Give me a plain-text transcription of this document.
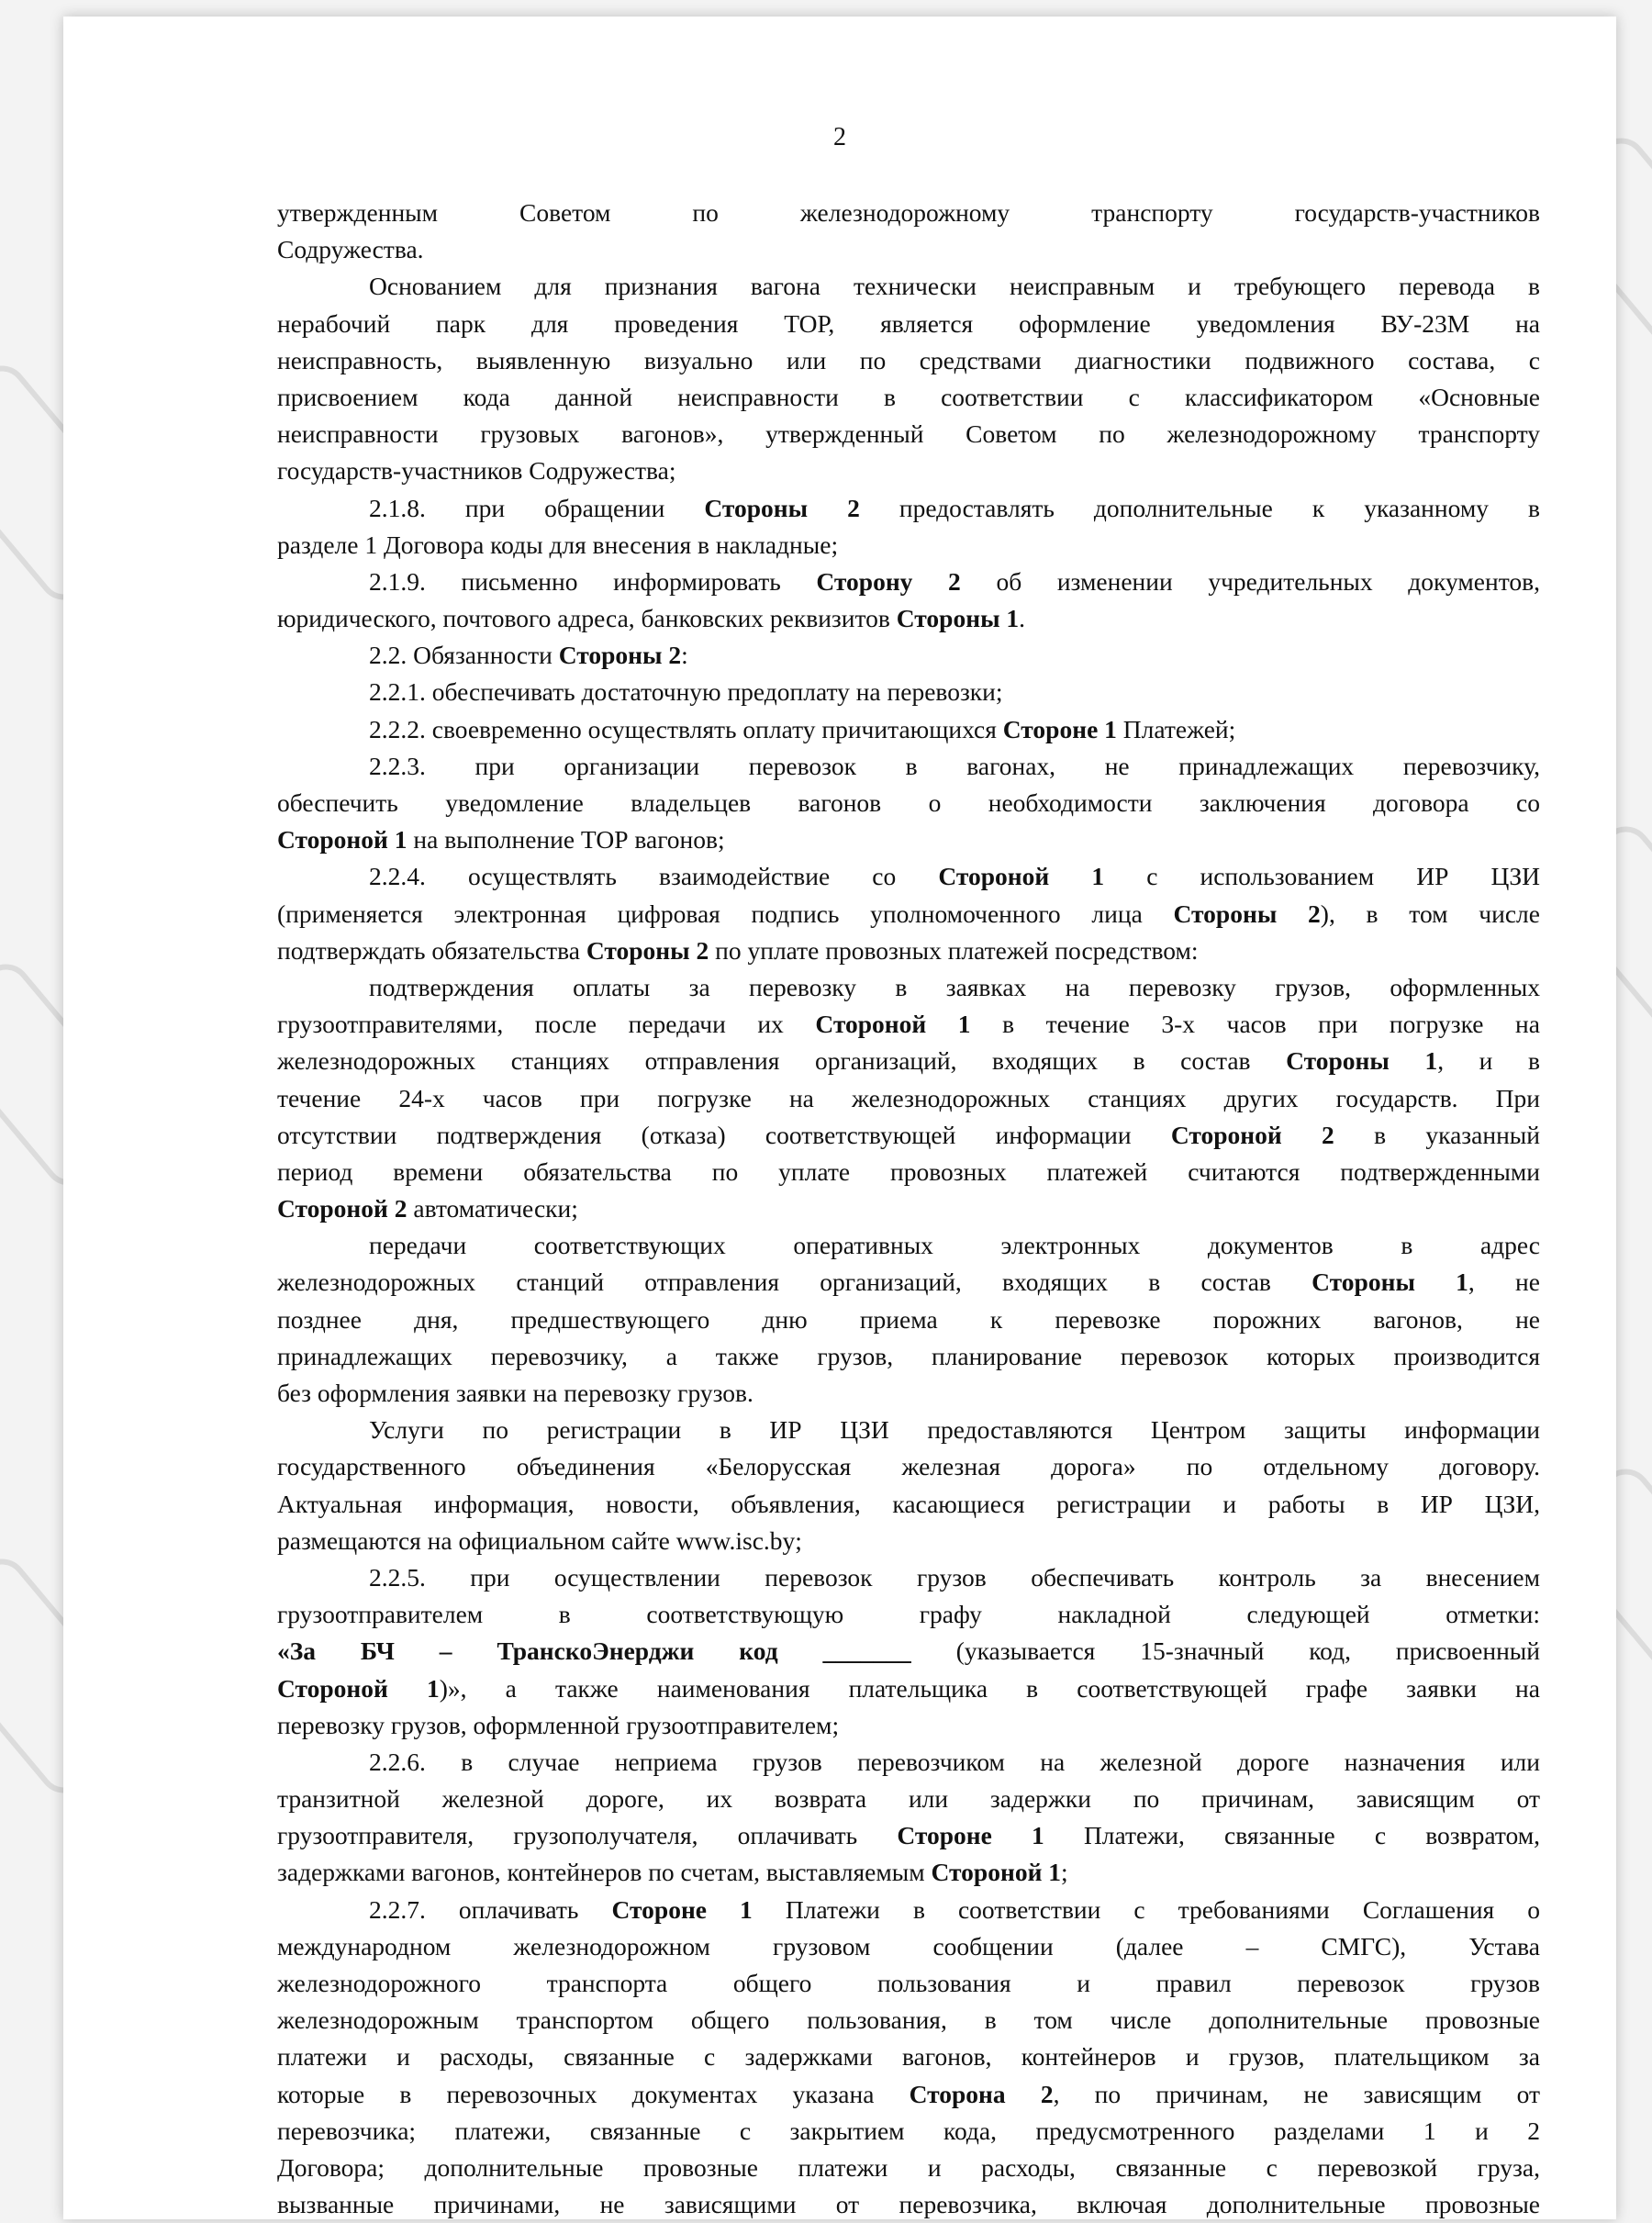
2
утвержденным Советом по железнодорожному транспорту государств-участников
Содружества.
Основанием для признания вагона технически неисправным и требующего перевода в
нерабочий парк для проведения ТОР, является оформление уведомления ВУ-23М на
неисправность, выявленную визуально или по средствами диагностики подвижного состава, с
присвоением кода данной неисправности в соответствии с классификатором «Основные
неисправности грузовых вагонов», утвержденный Советом по железнодорожному транспорту
государств-участников Содружества;
2.1.8. при обращении Стороны 2 предоставлять дополнительные к указанному в
разделе 1 Договора коды для внесения в накладные;
2.1.9. письменно информировать Сторону 2 об изменении учредительных документов,
юридического, почтового адреса, банковских реквизитов Стороны 1.
2.2. Обязанности Стороны 2:
2.2.1. обеспечивать достаточную предоплату на перевозки;
2.2.2. своевременно осуществлять оплату причитающихся Стороне 1 Платежей;
2.2.3. при организации перевозок в вагонах, не принадлежащих перевозчику,
обеспечить уведомление владельцев вагонов о необходимости заключения договора со
Стороной 1 на выполнение ТОР вагонов;
2.2.4. осуществлять взаимодействие со Стороной 1 с использованием ИР ЦЗИ
(применяется электронная цифровая подпись уполномоченного лица Стороны 2), в том числе
подтверждать обязательства Стороны 2 по уплате провозных платежей посредством:
подтверждения оплаты за перевозку в заявках на перевозку грузов, оформленных
грузоотправителями, после передачи их Стороной 1 в течение 3-х часов при погрузке на
железнодорожных станциях отправления организаций, входящих в состав Стороны 1, и в
течение 24-х часов при погрузке на железнодорожных станциях других государств. При
отсутствии подтверждения (отказа) соответствующей информации Стороной 2 в указанный
период времени обязательства по уплате провозных платежей считаются подтвержденными
Стороной 2 автоматически;
передачи соответствующих оперативных электронных документов в адрес
железнодорожных станций отправления организаций, входящих в состав Стороны 1, не
позднее дня, предшествующего дню приема к перевозке порожних вагонов, не
принадлежащих перевозчику, а также грузов, планирование перевозок которых производится
без оформления заявки на перевозку грузов.
Услуги по регистрации в ИР ЦЗИ предоставляются Центром защиты информации
государственного объединения «Белорусская железная дорога» по отдельному договору.
Актуальная информация, новости, объявления, касающиеся регистрации и работы в ИР ЦЗИ,
размещаются на официальном сайте www.isc.by;
2.2.5. при осуществлении перевозок грузов обеспечивать контроль за внесением
грузоотправителем в соответствующую графу накладной следующей отметки:
«За БЧ – ТранскоЭнерджи код _______ (указывается 15-значный код, присвоенный
Стороной 1)», а также наименования плательщика в соответствующей графе заявки на
перевозку грузов, оформленной грузоотправителем;
2.2.6. в случае неприема грузов перевозчиком на железной дороге назначения или
транзитной железной дороге, их возврата или задержки по причинам, зависящим от
грузоотправителя, грузополучателя, оплачивать Стороне 1 Платежи, связанные с возвратом,
задержками вагонов, контейнеров по счетам, выставляемым Стороной 1;
2.2.7. оплачивать Стороне 1 Платежи в соответствии с требованиями Соглашения о
международном железнодорожном грузовом сообщении (далее – СМГС), Устава
железнодорожного транспорта общего пользования и правил перевозок грузов
железнодорожным транспортом общего пользования, в том числе дополнительные провозные
платежи и расходы, связанные с задержками вагонов, контейнеров и грузов, плательщиком за
которые в перевозочных документах указана Сторона 2, по причинам, не зависящим от
перевозчика; платежи, связанные с закрытием кода, предусмотренного разделами 1 и 2
Договора; дополнительные провозные платежи и расходы, связанные с перевозкой груза,
вызванные причинами, не зависящими от перевозчика, включая дополнительные провозные
